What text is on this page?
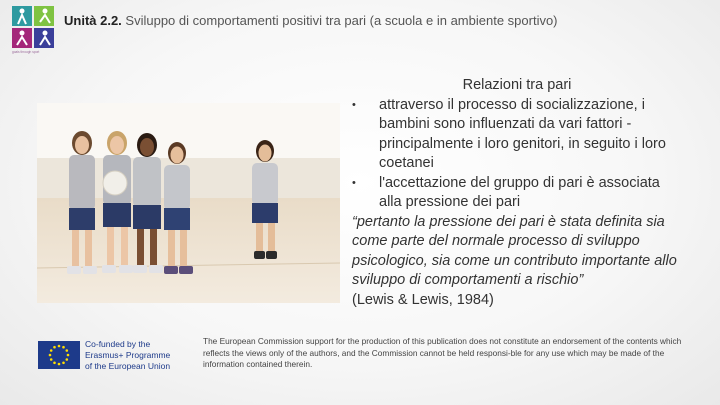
goals through sport
Unità 2.2. Sviluppo di comportamenti positivi tra pari (a scuola e in ambiente sportivo)
Relazioni tra pari
• attraverso il processo di socializzazione, i bambini sono influenzati da vari fattori - principalmente i loro genitori, in seguito i loro coetanei
• l'accettazione del gruppo di pari è associata alla pressione dei pari
“pertanto la pressione dei pari è stata definita sia come parte del normale processo di sviluppo psicologico, sia come un contributo importante allo sviluppo di comportamenti a rischio”
(Lewis & Lewis, 1984)
Co-funded by the
Erasmus+ Programme
of the European Union
The European Commission support for the production of this publication does not constitute an endorsement of the contents which reflects the views only of the authors, and the Commission cannot be held responsi-ble for any use which may be made of the information contained therein.
